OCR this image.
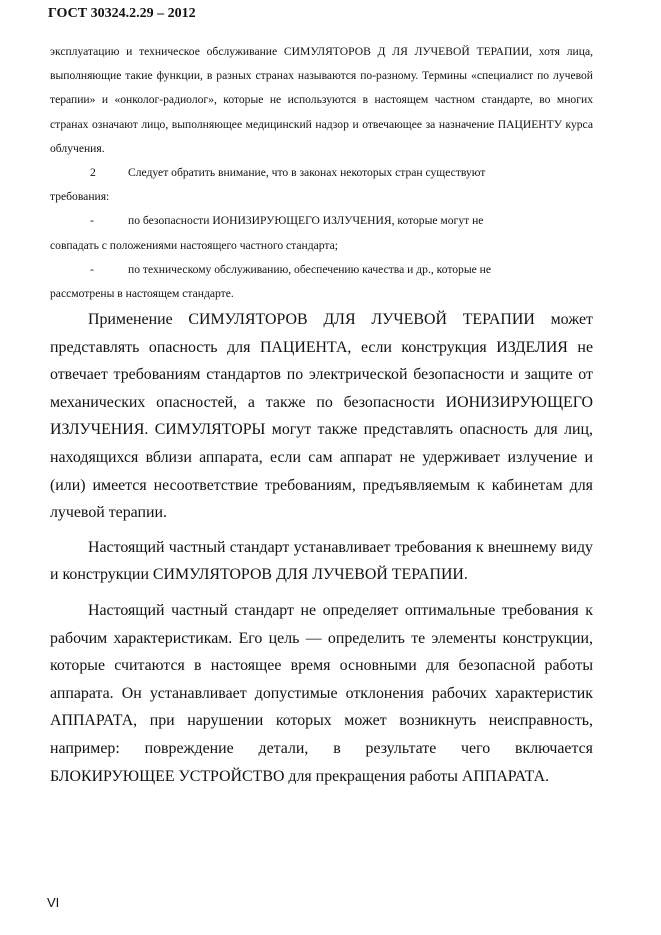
ГОСТ 30324.2.29 – 2012

эксплуатацию и техническое обслуживание СИМУЛЯТОРОВ Д ЛЯ ЛУЧЕВОЙ ТЕРАПИИ, хотя лица, выполняющие такие функции, в разных странах называются по-разному. Термины «специалист по лучевой терапии» и «онколог-радиолог», которые не используются в настоящем частном стандарте, во многих странах означают лицо, выполняющее медицинский надзор и отвечающее за назначение ПАЦИЕНТУ курса облучения.

2	Следует обратить внимание, что в законах некоторых стран существуют

требования:

-	по безопасности ИОНИЗИРУЮЩЕГО ИЗЛУЧЕНИЯ, которые могут не

совпадать с положениями настоящего частного стандарта;

-	по техническому обслуживанию, обеспечению качества и др., которые не

рассмотрены в настоящем стандарте.

Применение СИМУЛЯТОРОВ ДЛЯ ЛУЧЕВОЙ ТЕРАПИИ может представлять опасность для ПАЦИЕНТА, если конструкция ИЗДЕЛИЯ не отвечает требованиям стандартов по электрической безопасности и защите от механических опасностей, а также по безопасности ИОНИЗИРУЮЩЕГО ИЗЛУЧЕНИЯ. СИМУЛЯТОРЫ могут также представлять опасность для лиц, находящихся вблизи аппарата, если сам аппарат не удерживает излучение и (или) имеется несоответствие требованиям, предъявляемым к кабинетам для лучевой терапии.

Настоящий частный стандарт устанавливает требования к внешнему виду и конструкции СИМУЛЯТОРОВ ДЛЯ ЛУЧЕВОЙ ТЕРАПИИ.

Настоящий частный стандарт не определяет оптимальные требования к рабочим характеристикам. Его цель — определить те элементы конструкции, которые считаются в настоящее время основными для безопасной работы аппарата. Он устанавливает допустимые отклонения рабочих характеристик АППАРАТА, при нарушении которых может возникнуть неисправность, например: повреждение детали, в результате чего включается БЛОКИРУЮЩЕЕ УСТРОЙСТВО для прекращения работы АППАРАТА.

VI
